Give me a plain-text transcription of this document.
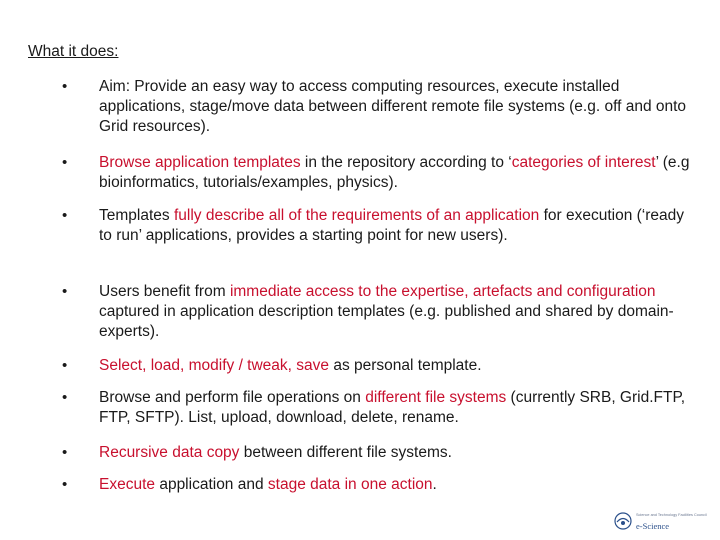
What it does:
• Aim: Provide an easy way to access computing resources, execute installed applications, stage/move data between different remote file systems (e.g. off and onto Grid resources).
• Browse application templates in the repository according to ‘categories of interest’ (e.g bioinformatics, tutorials/examples, physics).
• Templates fully describe all of the requirements of an application for execution (‘ready to run’ applications, provides a starting point for new users).
• Users benefit from immediate access to the expertise, artefacts and configuration captured in application description templates (e.g. published and shared by domain-experts).
• Select, load, modify / tweak, save as personal template.
• Browse and perform file operations on different file systems (currently SRB, Grid.FTP, FTP, SFTP). List, upload, download, delete, rename.
• Recursive data copy between different file systems.
• Execute application and stage data in one action.
Science and Technology Facilities Council
e-Science
